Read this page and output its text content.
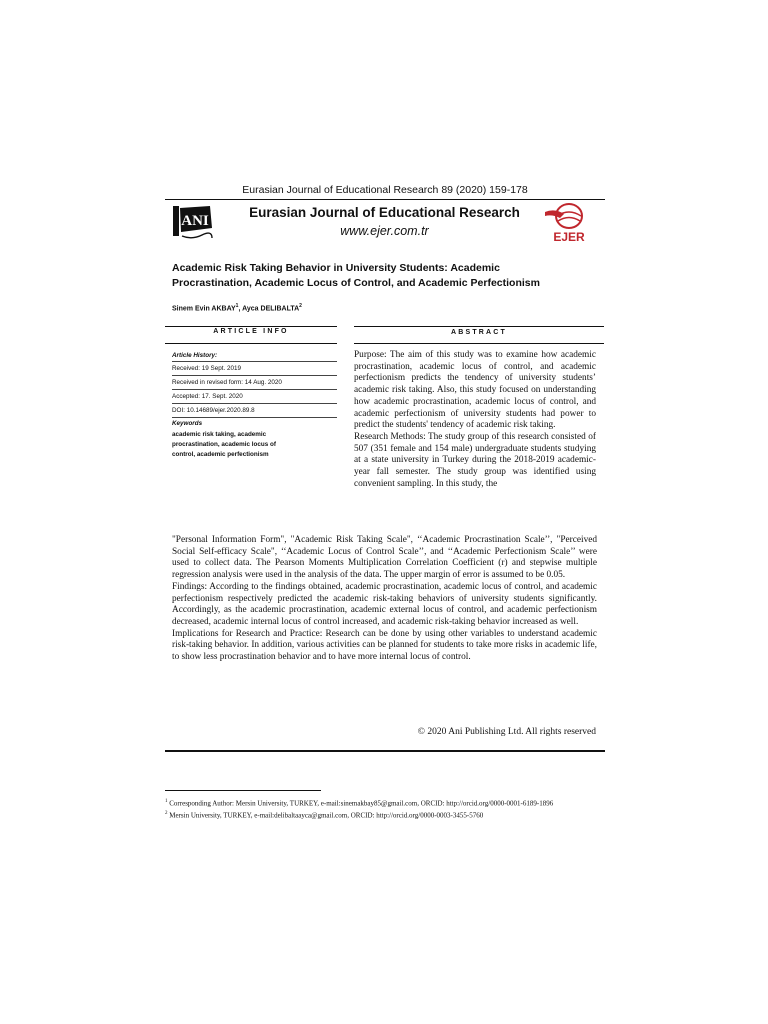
Eurasian Journal of Educational Research 89 (2020) 159-178
ANI
Eurasian Journal of Educational Research
www.ejer.com.tr	EJER
Academic Risk Taking Behavior in University Students: Academic
Procrastination, Academic Locus of Control, and Academic Perfectionism
Sinem Evin AKBAY$^1$, Ayca DELIBALTA$^2$
ARTICLE INFO	ABSTRACT
Article History:
Received: 19 Sept. 2019
Received in revised form: 14 Aug. 2020
Accepted: 17. Sept. 2020
DOI: 10.14689/ejer.2020.89.8
Keywords
academic risk taking, academic
procrastination, academic locus of
control, academic perfectionism

Purpose: The aim of this study was to examine how academic procrastination, academic locus of control, and academic perfectionism predicts the tendency of university students’ academic risk taking. Also, this study focused on understanding how academic procrastination, academic locus of control, and academic perfectionism of university students had power to predict the students' tendency of academic risk taking.

Research Methods: The study group of this research consisted of 507 (351 female and 154 male) undergraduate students studying at a state university in Turkey during the 2018-2019 academic-year fall semester. The study group was identified using convenient sampling. In this study, the

"Personal Information Form", "Academic Risk Taking Scale", ‘‘Academic Procrastination Scale’’, "Perceived Social Self-efficacy Scale", ‘‘Academic Locus of Control Scale’’, and ‘‘Academic Perfectionism Scale’’ were used to collect data. The Pearson Moments Multiplication Correlation Coefficient (r) and stepwise multiple regression analysis were used in the analysis of the data. The upper margin of error is assumed to be 0.05.

Findings: According to the findings obtained, academic procrastination, academic locus of control, and academic perfectionism respectively predicted the academic risk-taking behaviors of university students significantly. Accordingly, as the academic procrastination, academic external locus of control, and academic perfectionism decreased, academic internal locus of control increased, and academic risk-taking behavior increased as well.

Implications for Research and Practice: Research can be done by using other variables to understand academic risk-taking behavior. In addition, various activities can be planned for students to take more risks in academic life, to show less procrastination behavior and to have more internal locus of control.

© 2020 Ani Publishing Ltd. All rights reserved

$^1$ Corresponding Author: Mersin University, TURKEY, e-mail:sinemakbay85@gmail.com, ORCID: http://orcid.org/0000-0001-6189-1896

$^2$ Mersin University, TURKEY, e-mail:delibaltaayca@gmail.com, ORCID: http://orcid.org/0000-0003-3455-5760
